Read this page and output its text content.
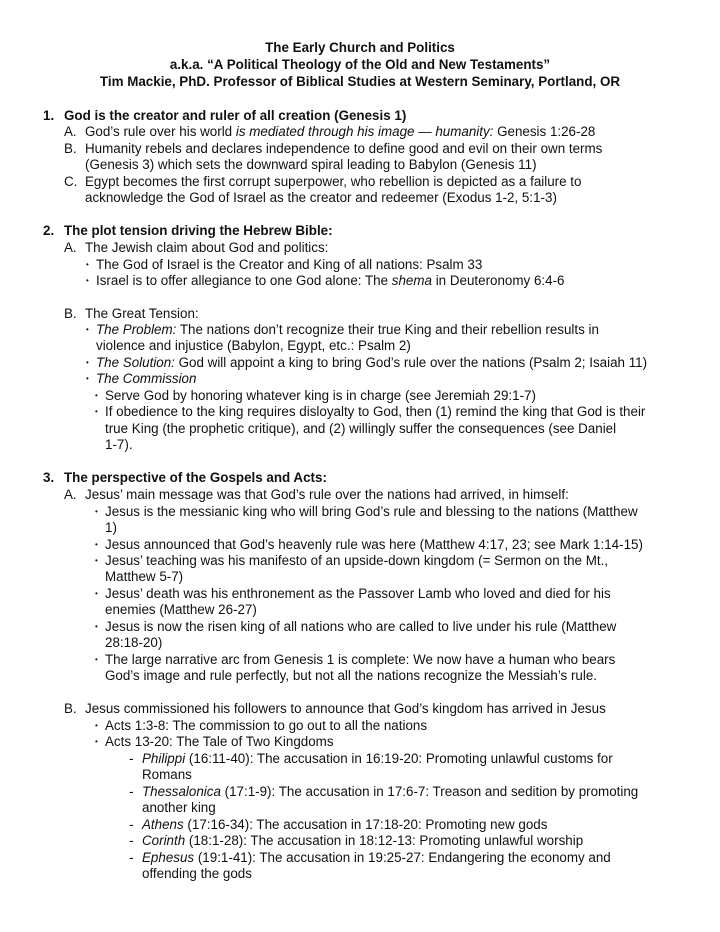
The Early Church and Politics
a.k.a. “A Political Theology of the Old and New Testaments”
Tim Mackie, PhD. Professor of Biblical Studies at Western Seminary, Portland, OR
1. God is the creator and ruler of all creation (Genesis 1)
A. God’s rule over his world is mediated through his image — humanity: Genesis 1:26-28
B. Humanity rebels and declares independence to define good and evil on their own terms
(Genesis 3) which sets the downward spiral leading to Babylon (Genesis 11)
C. Egypt becomes the first corrupt superpower, who rebellion is depicted as a failure to
acknowledge the God of Israel as the creator and redeemer (Exodus 1-2, 5:1-3)
2. The plot tension driving the Hebrew Bible:
A. The Jewish claim about God and politics:
• The God of Israel is the Creator and King of all nations: Psalm 33
• Israel is to offer allegiance to one God alone: The shema in Deuteronomy 6:4-6
B. The Great Tension:
• The Problem: The nations don’t recognize their true King and their rebellion results in
violence and injustice (Babylon, Egypt, etc.: Psalm 2)
• The Solution: God will appoint a king to bring God’s rule over the nations (Psalm 2; Isaiah 11)
• The Commission
• Serve God by honoring whatever king is in charge (see Jeremiah 29:1-7)
• If obedience to the king requires disloyalty to God, then (1) remind the king that God is their
true King (the prophetic critique), and (2) willingly suffer the consequences (see Daniel
1-7).
3. The perspective of the Gospels and Acts:
A. Jesus’ main message was that God’s rule over the nations had arrived, in himself:
• Jesus is the messianic king who will bring God’s rule and blessing to the nations (Matthew
1)
• Jesus announced that God’s heavenly rule was here (Matthew 4:17, 23; see Mark 1:14-15)
• Jesus’ teaching was his manifesto of an upside-down kingdom (= Sermon on the Mt.,
Matthew 5-7)
• Jesus’ death was his enthronement as the Passover Lamb who loved and died for his
enemies (Matthew 26-27)
• Jesus is now the risen king of all nations who are called to live under his rule (Matthew
28:18-20)
• The large narrative arc from Genesis 1 is complete: We now have a human who bears
God’s image and rule perfectly, but not all the nations recognize the Messiah’s rule.
B. Jesus commissioned his followers to announce that God’s kingdom has arrived in Jesus
• Acts 1:3-8: The commission to go out to all the nations
• Acts 13-20: The Tale of Two Kingdoms
- Philippi (16:11-40): The accusation in 16:19-20: Promoting unlawful customs for
Romans
- Thessalonica (17:1-9): The accusation in 17:6-7: Treason and sedition by promoting
another king
- Athens (17:16-34): The accusation in 17:18-20: Promoting new gods
- Corinth (18:1-28): The accusation in 18:12-13: Promoting unlawful worship
- Ephesus (19:1-41): The accusation in 19:25-27: Endangering the economy and
offending the gods
